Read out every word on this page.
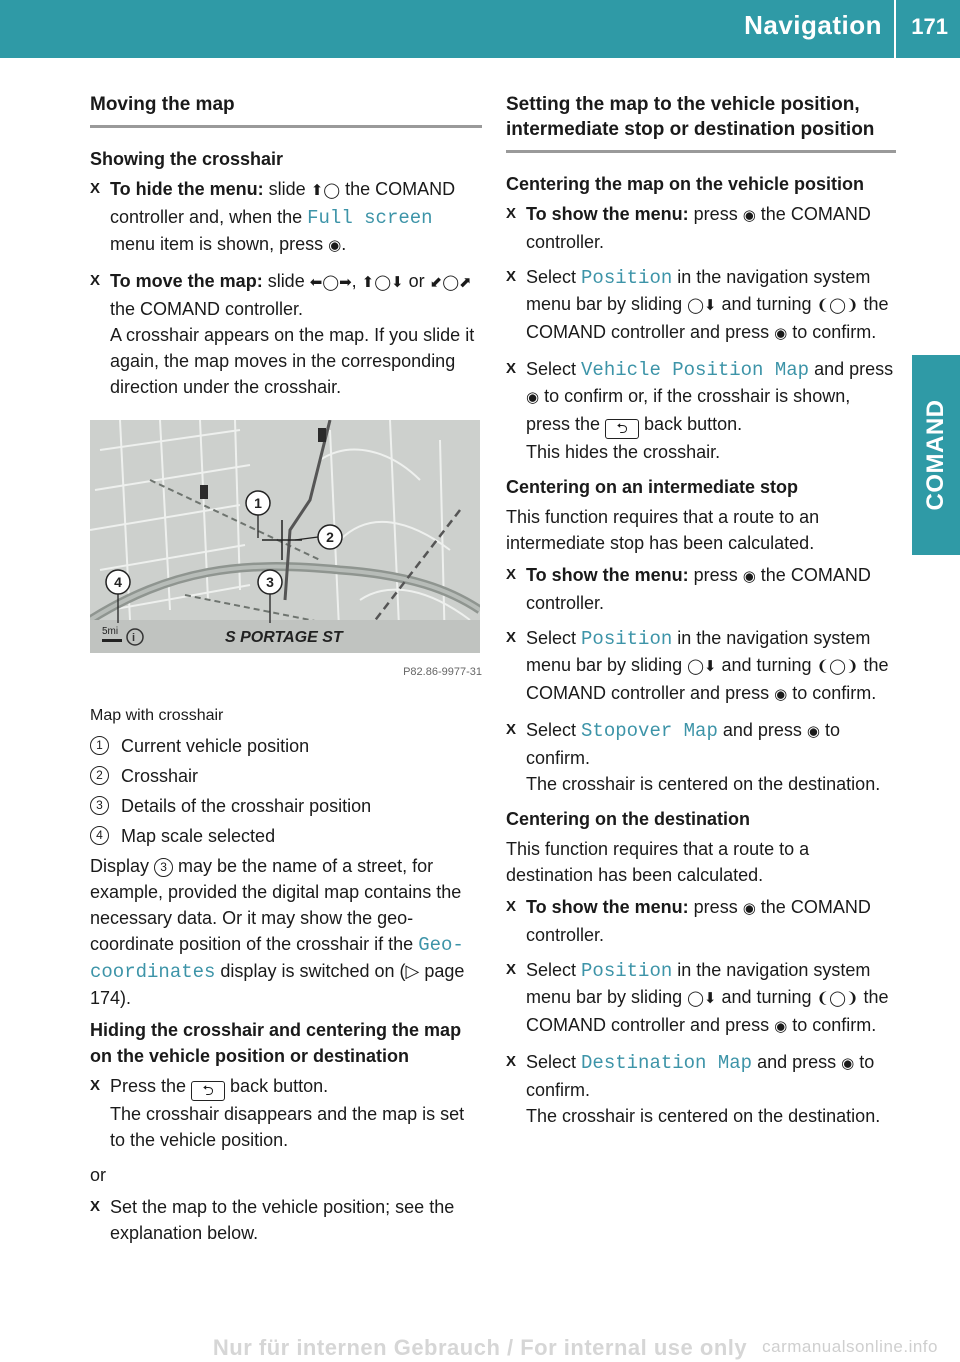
Navigation 171
COMAND
Moving the map
Showing the crosshair
X To hide the menu: slide ⬆◯ the COMAND controller and, when the Full screen menu item is shown, press ◉.
X To move the map: slide ⬅◯➡, ⬆◯⬇ or ⬋◯⬈ the COMAND controller.
A crosshair appears on the map. If you slide it again, the map moves in the corresponding direction under the crosshair.
5mi
i	S PORTAGE ST
1
2
3
4
P82.86-9977-31
Map with crosshair
1	Current vehicle position
2	Crosshair
3	Details of the crosshair position
4	Map scale selected
Display 3 may be the name of a street, for example, provided the digital map contains the necessary data. Or it may show the geo-coordinate position of the crosshair if the Geo-coordinates display is switched on (▷ page 174).
Hiding the crosshair and centering the map on the vehicle position or destination
X Press the ⮌ back button.
The crosshair disappears and the map is set to the vehicle position.
or
X Set the map to the vehicle position; see the explanation below.
Setting the map to the vehicle position, intermediate stop or destination position
Centering the map on the vehicle position
X To show the menu: press ◉ the COMAND controller.
X Select Position in the navigation system menu bar by sliding ◯⬇ and turning ❨◯❩ the COMAND controller and press ◉ to confirm.
X Select Vehicle Position Map and press ◉ to confirm or, if the crosshair is shown, press the ⮌ back button.
This hides the crosshair.
Centering on an intermediate stop
This function requires that a route to an intermediate stop has been calculated.
X To show the menu: press ◉ the COMAND controller.
X Select Position in the navigation system menu bar by sliding ◯⬇ and turning ❨◯❩ the COMAND controller and press ◉ to confirm.
X Select Stopover Map and press ◉ to confirm.
The crosshair is centered on the destination.
Centering on the destination
This function requires that a route to a destination has been calculated.
X To show the menu: press ◉ the COMAND controller.
X Select Position in the navigation system menu bar by sliding ◯⬇ and turning ❨◯❩ the COMAND controller and press ◉ to confirm.
X Select Destination Map and press ◉ to confirm.
The crosshair is centered on the destination.
Nur für internen Gebrauch / For internal use only carmanualsonline.info
